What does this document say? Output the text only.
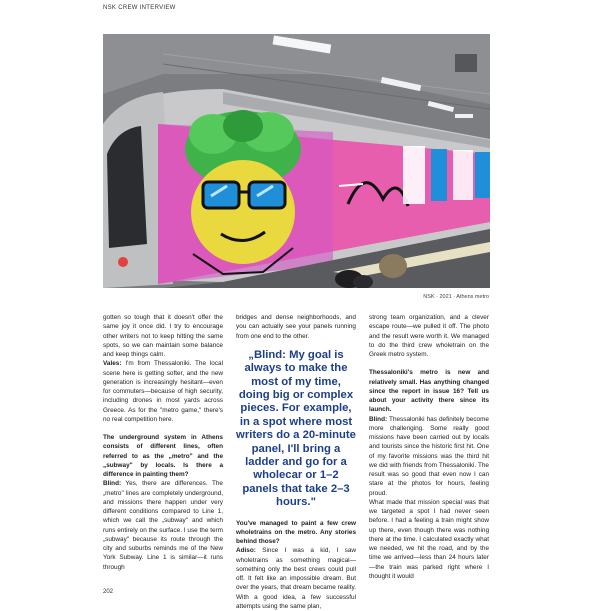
NSK CREW INTERVIEW
NSK · 2021 · Athens metro

gotten so tough that it doesn't offer the same joy it once did. I try to encourage other writers not to keep hitting the same spots, so we can maintain some balance and keep things calm.

Vales: I'm from Thessaloniki. The local scene here is getting softer, and the new generation is increasingly hesitant—even for commuters—because of high security, including drones in most yards across Greece. As for the "metro game," there's no real competition here.

The underground system in Athens consists of different lines, often referred to as the „metro" and the „subway" by locals. Is there a difference in painting them?

Blind: Yes, there are differences. The „metro" lines are completely underground, and missions there happen under very different conditions compared to Line 1, which we call the „subway" and which runs entirely on the surface. I use the term „subway" because its route through the city and suburbs reminds me of the New York Subway. Line 1 is similar—it runs through

bridges and dense neighborhoods, and you can actually see your panels running from one end to the other.

„Blind: My goal is always to make the most of my time, doing big or complex pieces. For example, in a spot where most writers do a 20-minute panel, I'll bring a ladder and go for a wholecar or 1–2 panels that take 2–3 hours."

You've managed to paint a few crew wholetrains on the metro. Any stories behind those?

Adiso: Since I was a kid, I saw wholetrains as something magical—something only the best crews could pull off. It felt like an impossible dream. But over the years, that dream became reality. With a good idea, a few successful attempts using the same plan,

strong team organization, and a clever escape route—we pulled it off. The photo and the result were worth it. We managed to do the third crew wholetrain on the Greek metro system.

Thessaloniki's metro is new and relatively small. Has anything changed since the report in issue 16? Tell us about your activity there since its launch.

Blind: Thessaloniki has definitely become more challenging. Some really good missions have been carried out by locals and tourists since the historic first hit. One of my favorite missions was the third hit we did with friends from Thessaloniki. The result was so good that even now I can stare at the photos for hours, feeling proud.

What made that mission special was that we targeted a spot I had never seen before. I had a feeling a train might show up there, even though there was nothing there at the time. I calculated exactly what we needed, we hit the road, and by the time we arrived—less than 24 hours later—the train was parked right where I thought it would

202
